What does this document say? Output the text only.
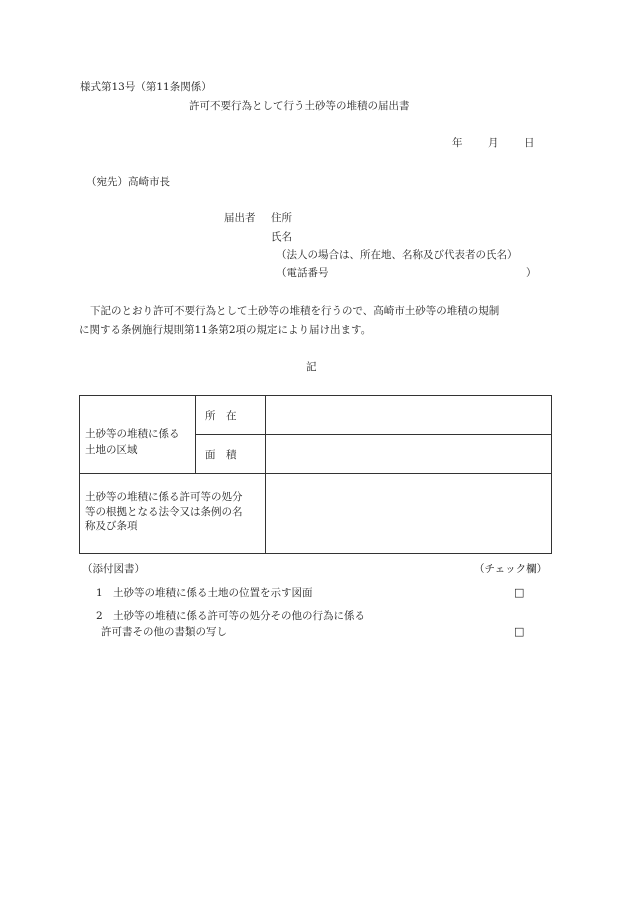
様式第13号（第11条関係）
許可不要行為として行う土砂等の堆積の届出書
年 月 日
（宛先）高崎市長
届出者 住所
氏名
（法人の場合は、所在地、名称及び代表者の氏名）
（電話番号	）
下記のとおり許可不要行為として土砂等の堆積を行うので、高崎市土砂等の堆積の規制
に関する条例施行規則第11条第2項の規定により届け出ます。
記
土砂等の堆積に係る
土地の区域	所　在	
	面　積	

土砂等の堆積に係る許可等の処分
等の根拠となる法令又は条例の名
称及び条項		

（添付図書）	（チェック欄）
1 土砂等の堆積に係る土地の位置を示す図面	□
2 土砂等の堆積に係る許可等の処分その他の行為に係る
許可書その他の書類の写し	□
